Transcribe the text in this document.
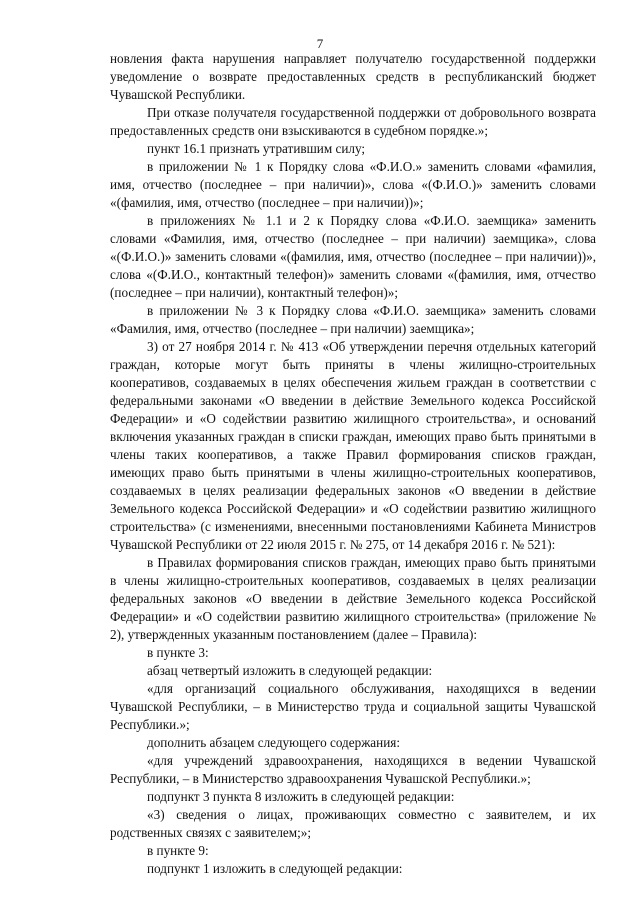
7

новления факта нарушения направляет получателю государственной поддержки уведомление о возврате предоставленных средств в республиканский бюджет Чувашской Республики.

При отказе получателя государственной поддержки от добровольного возврата предоставленных средств они взыскиваются в судебном порядке.»;

пункт 16.1 признать утратившим силу;

в приложении № 1 к Порядку слова «Ф.И.О.» заменить словами «фамилия, имя, отчество (последнее – при наличии)», слова «(Ф.И.О.)» заменить словами «(фамилия, имя, отчество (последнее – при наличии))»;

в приложениях № 1.1 и 2 к Порядку слова «Ф.И.О. заемщика» заменить словами «Фамилия, имя, отчество (последнее – при наличии) заемщика», слова «(Ф.И.О.)» заменить словами «(фамилия, имя, отчество (последнее – при наличии))», слова «(Ф.И.О., контактный телефон)» заменить словами «(фамилия, имя, отчество (последнее – при наличии), контактный телефон)»;

в приложении № 3 к Порядку слова «Ф.И.О. заемщика» заменить словами «Фамилия, имя, отчество (последнее – при наличии) заемщика»;

3) от 27 ноября 2014 г. № 413 «Об утверждении перечня отдельных категорий граждан, которые могут быть приняты в члены жилищно-строительных кооперативов, создаваемых в целях обеспечения жильем граждан в соответствии с федеральными законами «О введении в действие Земельного кодекса Российской Федерации» и «О содействии развитию жилищного строительства», и оснований включения указанных граждан в списки граждан, имеющих право быть принятыми в члены таких кооперативов, а также Правил формирования списков граждан, имеющих право быть принятыми в члены жилищно-строительных кооперативов, создаваемых в целях реализации федеральных законов «О введении в действие Земельного кодекса Российской Федерации» и «О содействии развитию жилищного строительства» (с изменениями, внесенными постановлениями Кабинета Министров Чувашской Республики от 22 июля 2015 г. № 275, от 14 декабря 2016 г. № 521):

в Правилах формирования списков граждан, имеющих право быть принятыми в члены жилищно-строительных кооперативов, создаваемых в целях реализации федеральных законов «О введении в действие Земельного кодекса Российской Федерации» и «О содействии развитию жилищного строительства» (приложение № 2), утвержденных указанным постановлением (далее – Правила):

в пункте 3:

абзац четвертый изложить в следующей редакции:

«для организаций социального обслуживания, находящихся в ведении Чувашской Республики, – в Министерство труда и социальной защиты Чувашской Республики.»;

дополнить абзацем следующего содержания:

«для учреждений здравоохранения, находящихся в ведении Чувашской Республики, – в Министерство здравоохранения Чувашской Республики.»;

подпункт 3 пункта 8 изложить в следующей редакции:

«3) сведения о лицах, проживающих совместно с заявителем, и их родственных связях с заявителем;»;

в пункте 9:

подпункт 1 изложить в следующей редакции:
